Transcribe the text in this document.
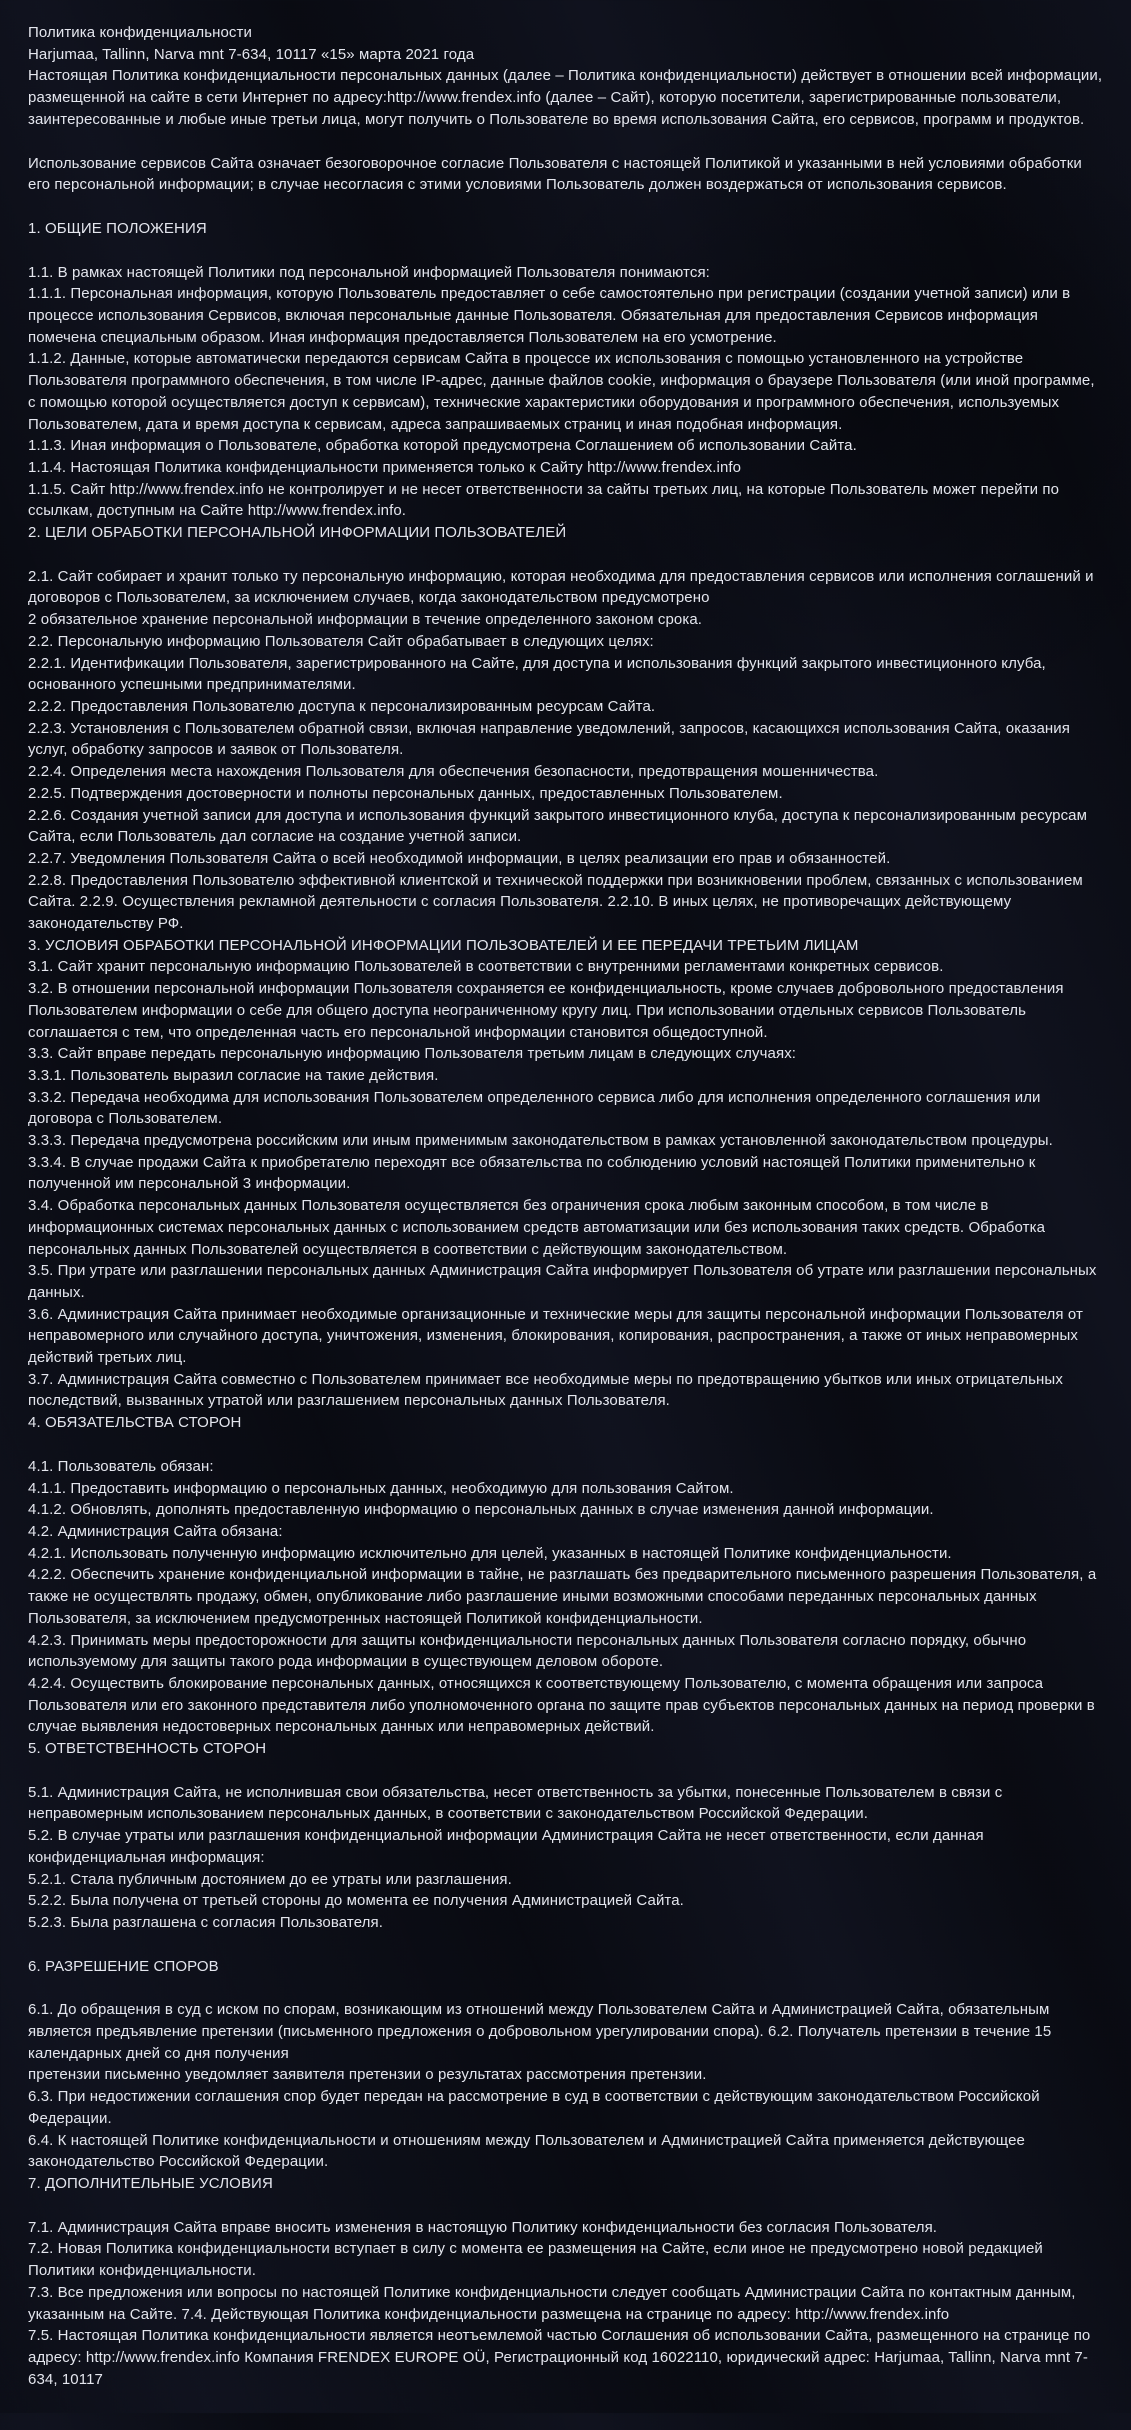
Политика конфиденциальности

Harjumaa, Tallinn, Narva mnt 7-634, 10117 «15» марта 2021 года

Настоящая Политика конфиденциальности персональных данных (далее – Политика конфиденциальности) действует в отношении всей информации, размещенной на сайте в сети Интернет по адресу:http://www.frendex.info (далее – Сайт), которую посетители, зарегистрированные пользователи, заинтересованные и любые иные третьи лица, могут получить о Пользователе во время использования Сайта, его сервисов, программ и продуктов.

Использование сервисов Сайта означает безоговорочное согласие Пользователя с настоящей Политикой и указанными в ней условиями обработки его персональной информации; в случае несогласия с этими условиями Пользователь должен воздержаться от использования сервисов.

1. ОБЩИЕ ПОЛОЖЕНИЯ

1.1. В рамках настоящей Политики под персональной информацией Пользователя понимаются:

1.1.1. Персональная информация, которую Пользователь предоставляет о себе самостоятельно при регистрации (создании учетной записи) или в процессе использования Сервисов, включая персональные данные Пользователя. Обязательная для предоставления Сервисов информация помечена специальным образом. Иная информация предоставляется Пользователем на его усмотрение.

1.1.2. Данные, которые автоматически передаются сервисам Сайта в процессе их использования с помощью установленного на устройстве Пользователя программного обеспечения, в том числе IP-адрес, данные файлов cookie, информация о браузере Пользователя (или иной программе, с помощью которой осуществляется доступ к сервисам), технические характеристики оборудования и программного обеспечения, используемых Пользователем, дата и время доступа к сервисам, адреса запрашиваемых страниц и иная подобная информация.

1.1.3. Иная информация о Пользователе, обработка которой предусмотрена Соглашением об использовании Сайта.

1.1.4. Настоящая Политика конфиденциальности применяется только к Сайту http://www.frendex.info

1.1.5. Сайт http://www.frendex.info не контролирует и не несет ответственности за сайты третьих лиц, на которые Пользователь может перейти по ссылкам, доступным на Сайте http://www.frendex.info.

2. ЦЕЛИ ОБРАБОТКИ ПЕРСОНАЛЬНОЙ ИНФОРМАЦИИ ПОЛЬЗОВАТЕЛЕЙ

2.1. Сайт собирает и хранит только ту персональную информацию, которая необходима для предоставления сервисов или исполнения соглашений и договоров с Пользователем, за исключением случаев, когда законодательством предусмотрено

2 обязательное хранение персональной информации в течение определенного законом срока.

2.2. Персональную информацию Пользователя Сайт обрабатывает в следующих целях:

2.2.1. Идентификации Пользователя, зарегистрированного на Сайте, для доступа и использования функций закрытого инвестиционного клуба, основанного успешными предпринимателями.

2.2.2. Предоставления Пользователю доступа к персонализированным ресурсам Сайта.

2.2.3. Установления с Пользователем обратной связи, включая направление уведомлений, запросов, касающихся использования Сайта, оказания услуг, обработку запросов и заявок от Пользователя.

2.2.4. Определения места нахождения Пользователя для обеспечения безопасности, предотвращения мошенничества.

2.2.5. Подтверждения достоверности и полноты персональных данных, предоставленных Пользователем.

2.2.6. Создания учетной записи для доступа и использования функций закрытого инвестиционного клуба, доступа к персонализированным ресурсам Сайта, если Пользователь дал согласие на создание учетной записи.

2.2.7. Уведомления Пользователя Сайта о всей необходимой информации, в целях реализации его прав и обязанностей.

2.2.8. Предоставления Пользователю эффективной клиентской и технической поддержки при возникновении проблем, связанных с использованием Сайта. 2.2.9. Осуществления рекламной деятельности с согласия Пользователя. 2.2.10. В иных целях, не противоречащих действующему законодательству РФ.

3. УСЛОВИЯ ОБРАБОТКИ ПЕРСОНАЛЬНОЙ ИНФОРМАЦИИ ПОЛЬЗОВАТЕЛЕЙ И ЕЕ ПЕРЕДАЧИ ТРЕТЬИМ ЛИЦАМ

3.1. Сайт хранит персональную информацию Пользователей в соответствии с внутренними регламентами конкретных сервисов.

3.2. В отношении персональной информации Пользователя сохраняется ее конфиденциальность, кроме случаев добровольного предоставления Пользователем информации о себе для общего доступа неограниченному кругу лиц. При использовании отдельных сервисов Пользователь соглашается с тем, что определенная часть его персональной информации становится общедоступной.

3.3. Сайт вправе передать персональную информацию Пользователя третьим лицам в следующих случаях:

3.3.1. Пользователь выразил согласие на такие действия.

3.3.2. Передача необходима для использования Пользователем определенного сервиса либо для исполнения определенного соглашения или договора с Пользователем.

3.3.3. Передача предусмотрена российским или иным применимым законодательством в рамках установленной законодательством процедуры.

3.3.4. В случае продажи Сайта к приобретателю переходят все обязательства по соблюдению условий настоящей Политики применительно к полученной им персональной 3 информации.

3.4. Обработка персональных данных Пользователя осуществляется без ограничения срока любым законным способом, в том числе в информационных системах персональных данных с использованием средств автоматизации или без использования таких средств. Обработка персональных данных Пользователей осуществляется в соответствии с действующим законодательством.

3.5. При утрате или разглашении персональных данных Администрация Сайта информирует Пользователя об утрате или разглашении персональных данных.

3.6. Администрация Сайта принимает необходимые организационные и технические меры для защиты персональной информации Пользователя от неправомерного или случайного доступа, уничтожения, изменения, блокирования, копирования, распространения, а также от иных неправомерных действий третьих лиц.

3.7. Администрация Сайта совместно с Пользователем принимает все необходимые меры по предотвращению убытков или иных отрицательных последствий, вызванных утратой или разглашением персональных данных Пользователя.

4. ОБЯЗАТЕЛЬСТВА СТОРОН

4.1. Пользователь обязан:

4.1.1. Предоставить информацию о персональных данных, необходимую для пользования Сайтом.

4.1.2. Обновлять, дополнять предоставленную информацию о персональных данных в случае изменения данной информации.

4.2. Администрация Сайта обязана:

4.2.1. Использовать полученную информацию исключительно для целей, указанных в настоящей Политике конфиденциальности.

4.2.2. Обеспечить хранение конфиденциальной информации в тайне, не разглашать без предварительного письменного разрешения Пользователя, а также не осуществлять продажу, обмен, опубликование либо разглашение иными возможными способами переданных персональных данных Пользователя, за исключением предусмотренных настоящей Политикой конфиденциальности.

4.2.3. Принимать меры предосторожности для защиты конфиденциальности персональных данных Пользователя согласно порядку, обычно используемому для защиты такого рода информации в существующем деловом обороте.

4.2.4. Осуществить блокирование персональных данных, относящихся к соответствующему Пользователю, с момента обращения или запроса Пользователя или его законного представителя либо уполномоченного органа по защите прав субъектов персональных данных на период проверки в случае выявления недостоверных персональных данных или неправомерных действий.

5. ОТВЕТСТВЕННОСТЬ СТОРОН

5.1. Администрация Сайта, не исполнившая свои обязательства, несет ответственность за убытки, понесенные Пользователем в связи с неправомерным использованием персональных данных, в соответствии с законодательством Российской Федерации.

5.2. В случае утраты или разглашения конфиденциальной информации Администрация Сайта не несет ответственности, если данная конфиденциальная информация:

5.2.1. Стала публичным достоянием до ее утраты или разглашения.

5.2.2. Была получена от третьей стороны до момента ее получения Администрацией Сайта.

5.2.3. Была разглашена с согласия Пользователя.

6. РАЗРЕШЕНИЕ СПОРОВ

6.1. До обращения в суд с иском по спорам, возникающим из отношений между Пользователем Сайта и Администрацией Сайта, обязательным является предъявление претензии (письменного предложения о добровольном урегулировании спора). 6.2. Получатель претензии в течение 15 календарных дней со дня получения

претензии письменно уведомляет заявителя претензии о результатах рассмотрения претензии.

6.3. При недостижении соглашения спор будет передан на рассмотрение в суд в соответствии с действующим законодательством Российской Федерации.

6.4. К настоящей Политике конфиденциальности и отношениям между Пользователем и Администрацией Сайта применяется действующее законодательство Российской Федерации.

7. ДОПОЛНИТЕЛЬНЫЕ УСЛОВИЯ

7.1. Администрация Сайта вправе вносить изменения в настоящую Политику конфиденциальности без согласия Пользователя.

7.2. Новая Политика конфиденциальности вступает в силу с момента ее размещения на Сайте, если иное не предусмотрено новой редакцией Политики конфиденциальности.

7.3. Все предложения или вопросы по настоящей Политике конфиденциальности следует сообщать Администрации Сайта по контактным данным, указанным на Сайте. 7.4. Действующая Политика конфиденциальности размещена на странице по адресу: http://www.frendex.info

7.5. Настоящая Политика конфиденциальности является неотъемлемой частью Соглашения об использовании Сайта, размещенного на странице по адресу: http://www.frendex.info Компания FRENDEX EUROPE OÜ, Регистрационный код 16022110, юридический адрес: Harjumaa, Tallinn, Narva mnt 7-634, 10117
